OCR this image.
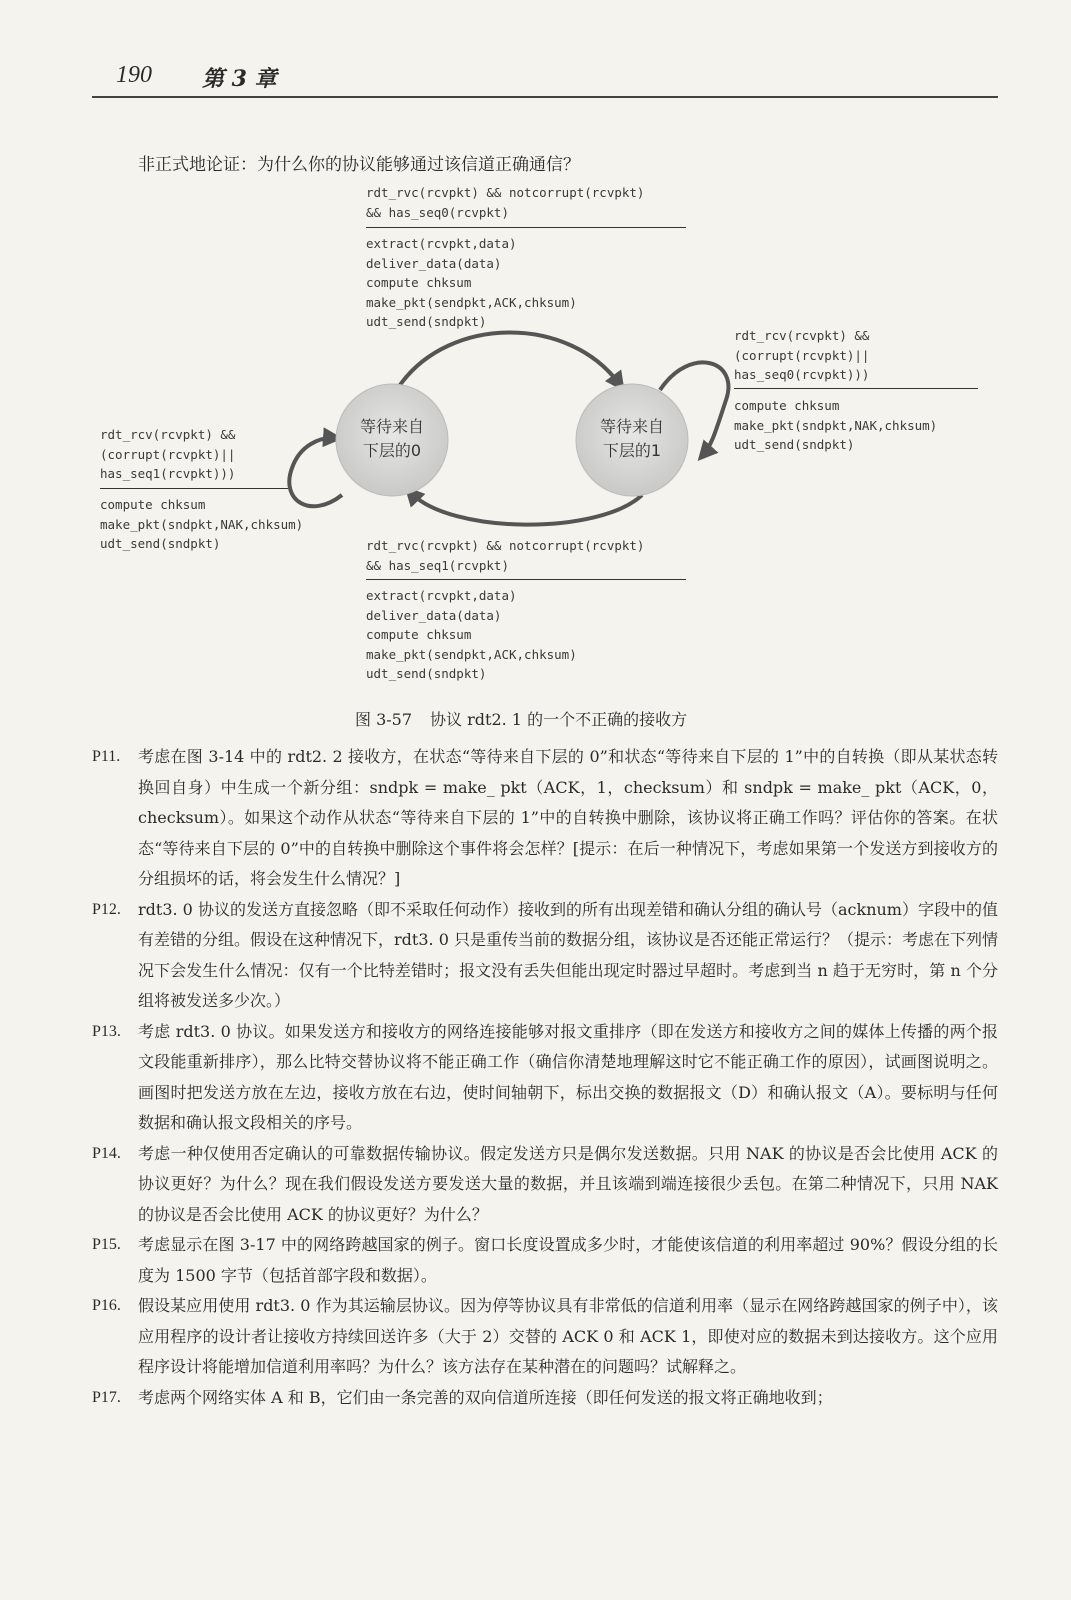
190 第 3 章
非正式地论证：为什么你的协议能够通过该信道正确通信？
等待来自
下层的0
等待来自
下层的1
rdt_rvc(rcvpkt) && notcorrupt(rcvpkt)
&& has_seq0(rcvpkt)
extract(rcvpkt,data)
deliver_data(data)
compute chksum
make_pkt(sendpkt,ACK,chksum)
udt_send(sndpkt)
rdt_rcv(rcvpkt) &&
(corrupt(rcvpkt)||
has_seq0(rcvpkt)))
compute chksum
make_pkt(sndpkt,NAK,chksum)
udt_send(sndpkt)
rdt_rcv(rcvpkt) &&
(corrupt(rcvpkt)||
has_seq1(rcvpkt)))
compute chksum
make_pkt(sndpkt,NAK,chksum)
udt_send(sndpkt)	rdt_rvc(rcvpkt) && notcorrupt(rcvpkt)
&& has_seq1(rcvpkt)
extract(rcvpkt,data)
deliver_data(data)
compute chksum
make_pkt(sendpkt,ACK,chksum)
udt_send(sndpkt)
图 3-57 协议 rdt2. 1 的一个不正确的接收方
P11.	考虑在图 3-14 中的 rdt2. 2 接收方，在状态“等待来自下层的 0”和状态“等待来自下层的 1”中的自转换（即从某状态转换回自身）中生成一个新分组：sndpk = make_ pkt（ACK，1，checksum）和 sndpk = make_ pkt（ACK，0，checksum）。如果这个动作从状态“等待来自下层的 1”中的自转换中删除，该协议将正确工作吗？评估你的答案。在状态“等待来自下层的 0”中的自转换中删除这个事件将会怎样？[提示：在后一种情况下，考虑如果第一个发送方到接收方的分组损坏的话，将会发生什么情况？]
P12.	rdt3. 0 协议的发送方直接忽略（即不采取任何动作）接收到的所有出现差错和确认分组的确认号（acknum）字段中的值有差错的分组。假设在这种情况下，rdt3. 0 只是重传当前的数据分组，该协议是否还能正常运行？（提示：考虑在下列情况下会发生什么情况：仅有一个比特差错时；报文没有丢失但能出现定时器过早超时。考虑到当 n 趋于无穷时，第 n 个分组将被发送多少次。）
P13.	考虑 rdt3. 0 协议。如果发送方和接收方的网络连接能够对报文重排序（即在发送方和接收方之间的媒体上传播的两个报文段能重新排序），那么比特交替协议将不能正确工作（确信你清楚地理解这时它不能正确工作的原因），试画图说明之。画图时把发送方放在左边，接收方放在右边，使时间轴朝下，标出交换的数据报文（D）和确认报文（A）。要标明与任何数据和确认报文段相关的序号。
P14.	考虑一种仅使用否定确认的可靠数据传输协议。假定发送方只是偶尔发送数据。只用 NAK 的协议是否会比使用 ACK 的协议更好？为什么？现在我们假设发送方要发送大量的数据，并且该端到端连接很少丢包。在第二种情况下，只用 NAK 的协议是否会比使用 ACK 的协议更好？为什么？
P15.	考虑显示在图 3-17 中的网络跨越国家的例子。窗口长度设置成多少时，才能使该信道的利用率超过 90%？假设分组的长度为 1500 字节（包括首部字段和数据）。
P16.	假设某应用使用 rdt3. 0 作为其运输层协议。因为停等协议具有非常低的信道利用率（显示在网络跨越国家的例子中），该应用程序的设计者让接收方持续回送许多（大于 2）交替的 ACK 0 和 ACK 1，即使对应的数据未到达接收方。这个应用程序设计将能增加信道利用率吗？为什么？该方法存在某种潜在的问题吗？试解释之。
P17.	考虑两个网络实体 A 和 B，它们由一条完善的双向信道所连接（即任何发送的报文将正确地收到；
